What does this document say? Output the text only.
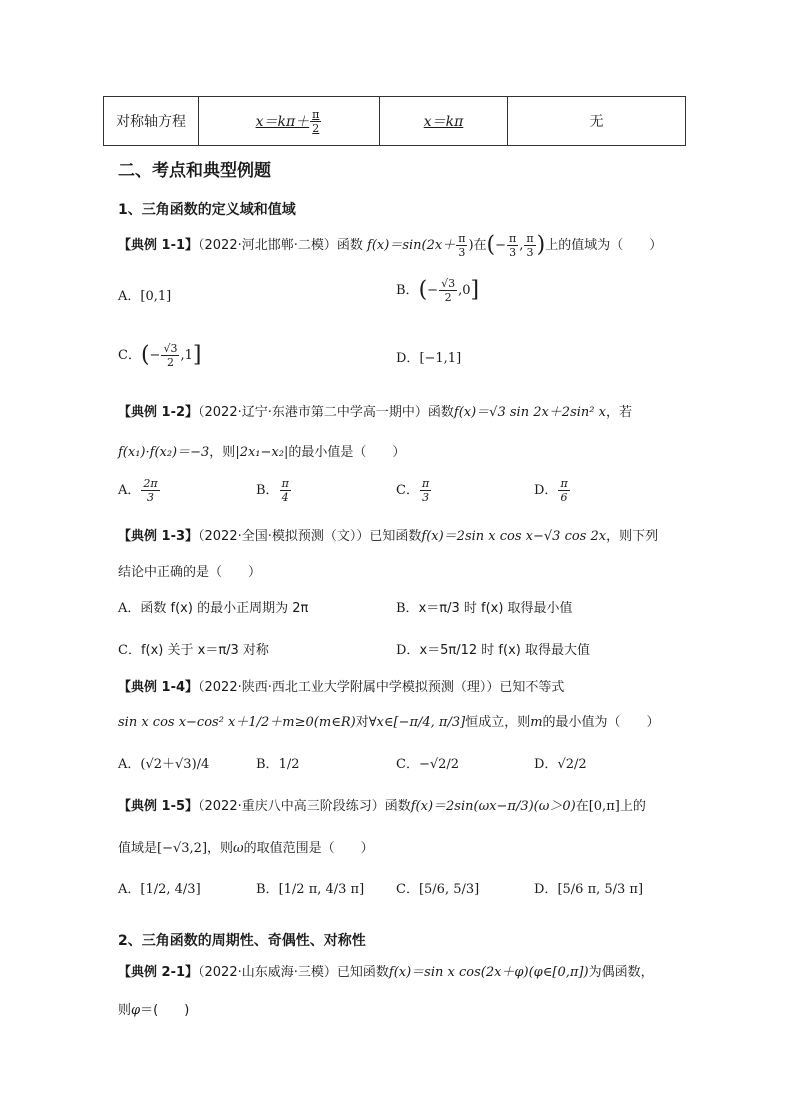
对称轴方程	$x=k\pi+ \frac{\pi}{2}$	x＝kπ	无
二、考点和典型例题
1、三角函数的定义域和值域
【典例 1-1】（2022·河北邯郸·二模）函数 $f(x)=\sin(2x+ \frac{\pi}{3}$ )在(− $\frac{\pi}{3}$ , $\frac{\pi}{3}$ )上的值域为（　　）
A．[0,1]	B．(− $\frac{√3}{2} ,0$]
C．(− $\frac{√3}{2} ,1$]	D．[−1,1]
【典例 1-2】（2022·辽宁·东港市第二中学高一期中）函数f(x)＝√3 sin 2x＋2sin² x，若
f(x₁)·f(x₂)＝−3，则|2x₁−x₂|的最小值是（　　）
A． $\frac{2\pi}{3}$	B． $\frac{\pi}{4}$	C． $\frac{\pi}{3}$	D． $\frac{\pi}{6}$
【典例 1-3】（2022·全国·模拟预测（文））已知函数f(x)＝2sin x cos x−√3 cos 2x，则下列
结论中正确的是（　　）
A．函数 f(x) 的最小正周期为 2π	B．x＝π/3 时 f(x) 取得最小值
C．f(x) 关于 x＝π/3 对称	D．x＝5π/12 时 f(x) 取得最大值
【典例 1-4】（2022·陕西·西北工业大学附属中学模拟预测（理））已知不等式
sin x cos x−cos² x＋1/2＋m≥0(m∈R)对∀x∈[−π/4, π/3]恒成立，则m的最小值为（　　）
A．(√2＋√3)/4	B．1/2	C．−√2/2	D．√2/2
【典例 1-5】（2022·重庆八中高三阶段练习）函数f(x)＝2sin(ωx−π/3)(ω＞0)在[0,π]上的
值域是[−√3,2]，则ω的取值范围是（　　）
A．[1/2, 4/3]	B．[1/2 π, 4/3 π] C．[5/6, 5/3]	D．[5/6 π, 5/3 π]
2、三角函数的周期性、奇偶性、对称性
【典例 2-1】（2022·山东威海·三模）已知函数f(x)＝sin x cos(2x＋φ)(φ∈[0,π])为偶函数，
则φ＝(　　)
